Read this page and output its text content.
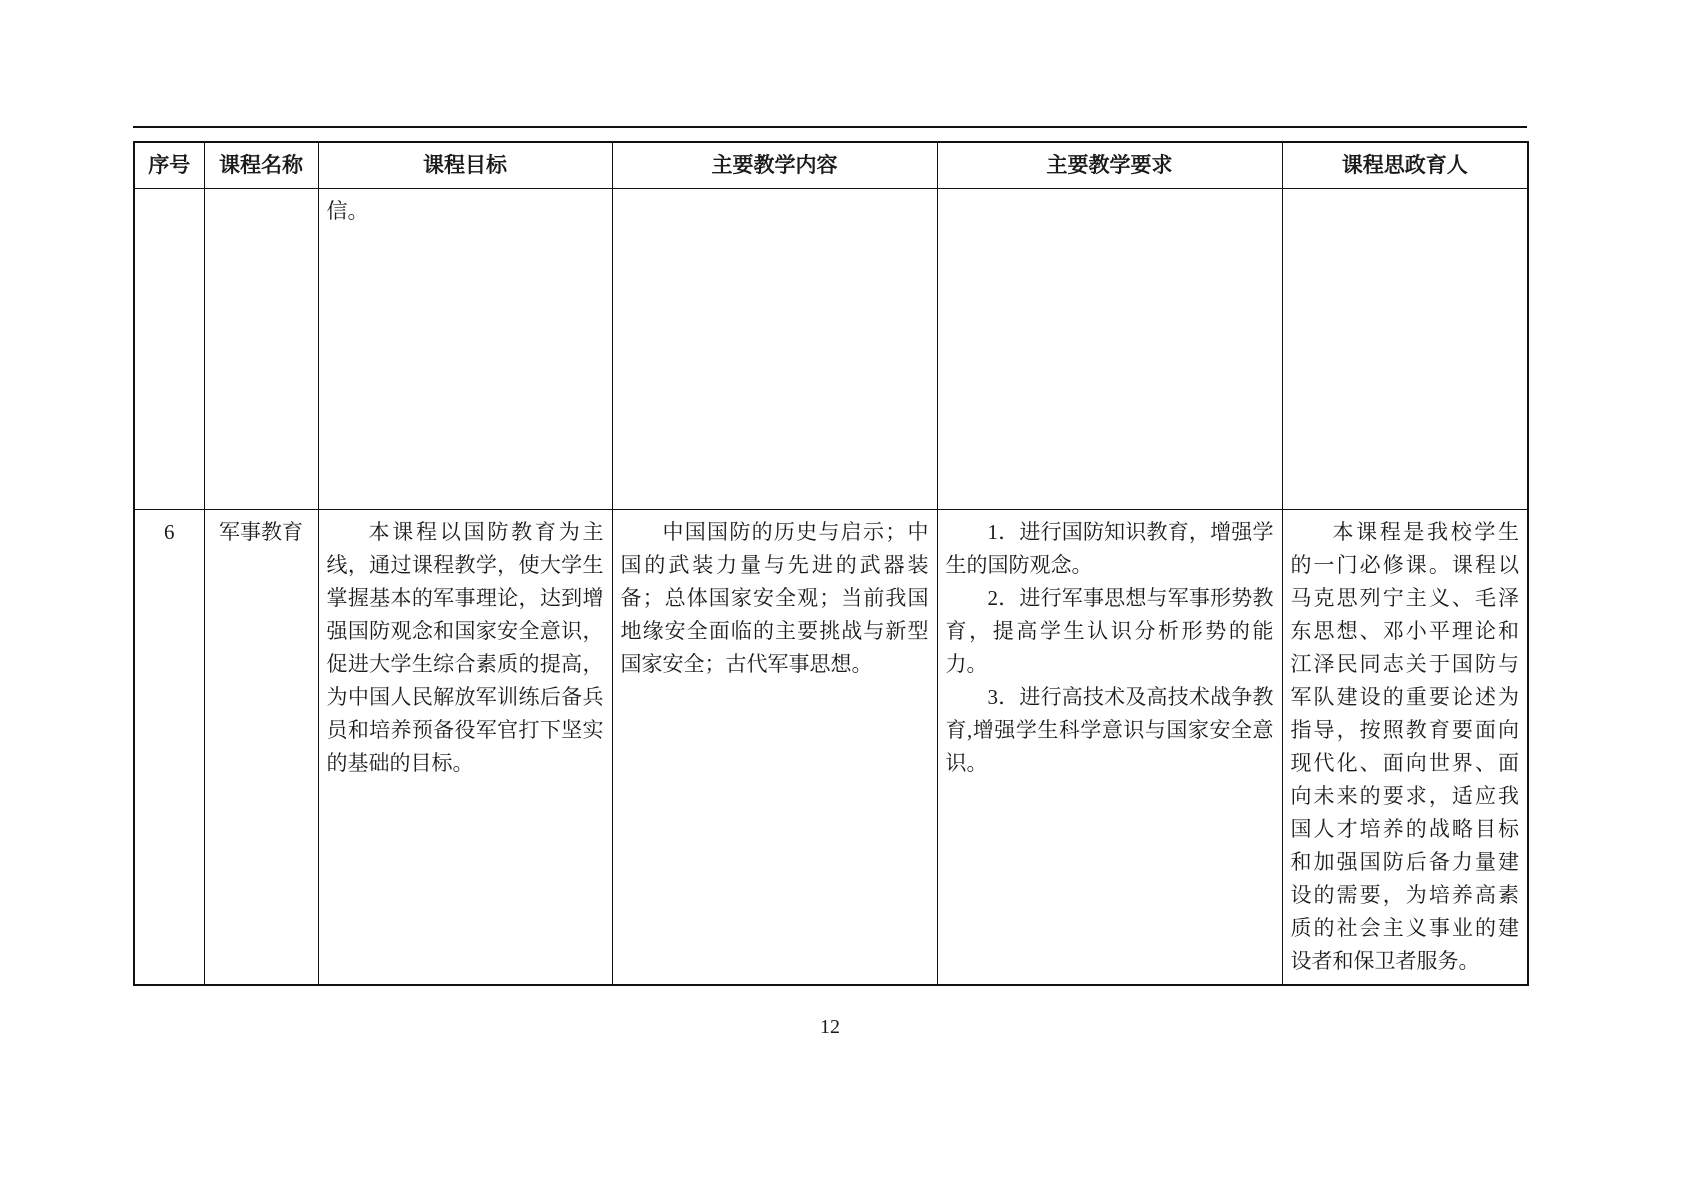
序号	课程名称	课程目标	主要教学内容	主要教学要求	课程思政育人

		信。			

6	军事教育	本课程以国防教育为主线，通过课程教学，使大学生掌握基本的军事理论，达到增强国防观念和国家安全意识，促进大学生综合素质的提高，为中国人民解放军训练后备兵员和培养预备役军官打下坚实的基础的目标。	中国国防的历史与启示；中国的武装力量与先进的武器装备；总体国家安全观；当前我国地缘安全面临的主要挑战与新型国家安全；古代军事思想。	1．进行国防知识教育，增强学生的国防观念。

2．进行军事思想与军事形势教育，提高学生认识分析形势的能力。

3．进行高技术及高技术战争教育,增强学生科学意识与国家安全意识。	本课程是我校学生的一门必修课。课程以马克思列宁主义、毛泽东思想、邓小平理论和江泽民同志关于国防与军队建设的重要论述为指导，按照教育要面向现代化、面向世界、面向未来的要求，适应我国人才培养的战略目标和加强国防后备力量建设的需要，为培养高素质的社会主义事业的建设者和保卫者服务。

12
